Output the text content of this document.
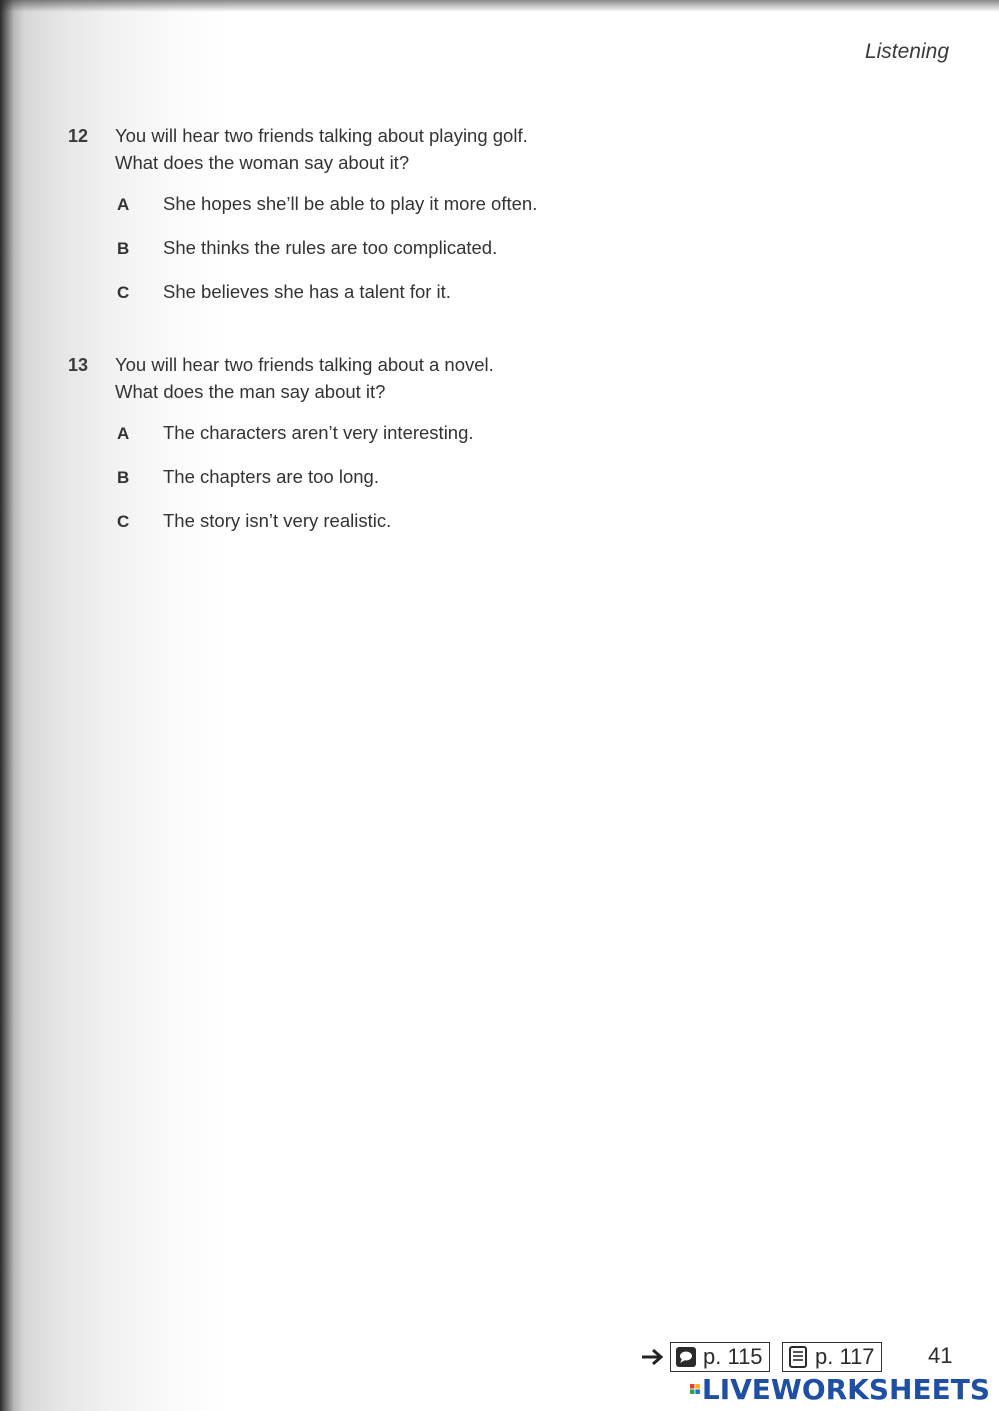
Listening
12 You will hear two friends talking about playing golf.
What does the woman say about it?
A She hopes she’ll be able to play it more often.
B She thinks the rules are too complicated.
C She believes she has a talent for it.
13 You will hear two friends talking about a novel.
What does the man say about it?
A The characters aren’t very interesting.
B The chapters are too long.
C The story isn’t very realistic.
p. 115 p. 117 41
LIVEWORKSHEETS
